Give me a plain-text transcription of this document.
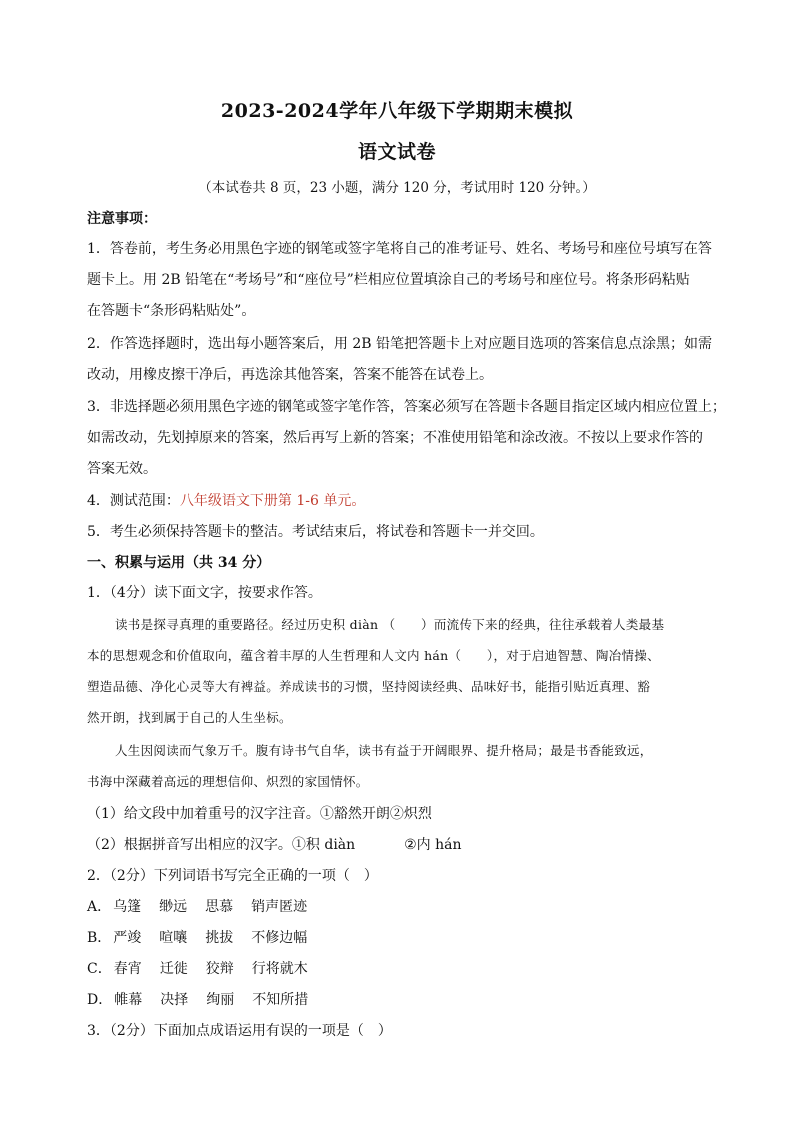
2023-2024学年八年级下学期期末模拟
语文试卷
（本试卷共 8 页，23 小题，满分 120 分，考试用时 120 分钟。）
注意事项：
1．答卷前，考生务必用黑色字迹的钢笔或签字笔将自己的准考证号、姓名、考场号和座位号填写在答
题卡上。用 2B 铅笔在“考场号”和“座位号”栏相应位置填涂自己的考场号和座位号。将条形码粘贴
在答题卡“条形码粘贴处”。
2．作答选择题时，选出每小题答案后，用 2B 铅笔把答题卡上对应题目选项的答案信息点涂黑；如需
改动，用橡皮擦干净后，再选涂其他答案，答案不能答在试卷上。
3．非选择题必须用黑色字迹的钢笔或签字笔作答，答案必须写在答题卡各题目指定区域内相应位置上；
如需改动，先划掉原来的答案，然后再写上新的答案；不准使用铅笔和涂改液。不按以上要求作答的
答案无效。
4．测试范围：八年级语文下册第 1-6 单元。
5．考生必须保持答题卡的整洁。考试结束后，将试卷和答题卡一并交回。
一、积累与运用（共 34 分）
1．（4分）读下面文字，按要求作答。
读书是探寻真理的重要路径。经过历史积 diàn （　　）而流传下来的经典，往往承载着人类最基
本的思想观念和价值取向，蕴含着丰厚的人生哲理和人文内 hán（　　），对于启迪智慧、陶冶情操、
塑造品德、净化心灵等大有裨益。养成读书的习惯，坚持阅读经典、品味好书，能指引贴近真理、豁
然开朗，找到属于自己的人生坐标。
人生因阅读而气象万千。腹有诗书气自华，读书有益于开阔眼界、提升格局；最是书香能致远，
书海中深藏着高远的理想信仰、炽烈的家国情怀。
（1）给文段中加着重号的汉字注音。①豁然开朗②炽烈
（2）根据拼音写出相应的汉字。①积 diàn	②内 hán
2．（2分）下列词语书写完全正确的一项（　）
A． 乌篷 缈远 思慕 销声匿迹
B． 严竣 喧嚷 挑拔 不修边幅
C． 春宵 迁徙 狡辩 行将就木
D． 帷幕 决择 绚丽 不知所措
3．（2分）下面加点成语运用有误的一项是（　）
